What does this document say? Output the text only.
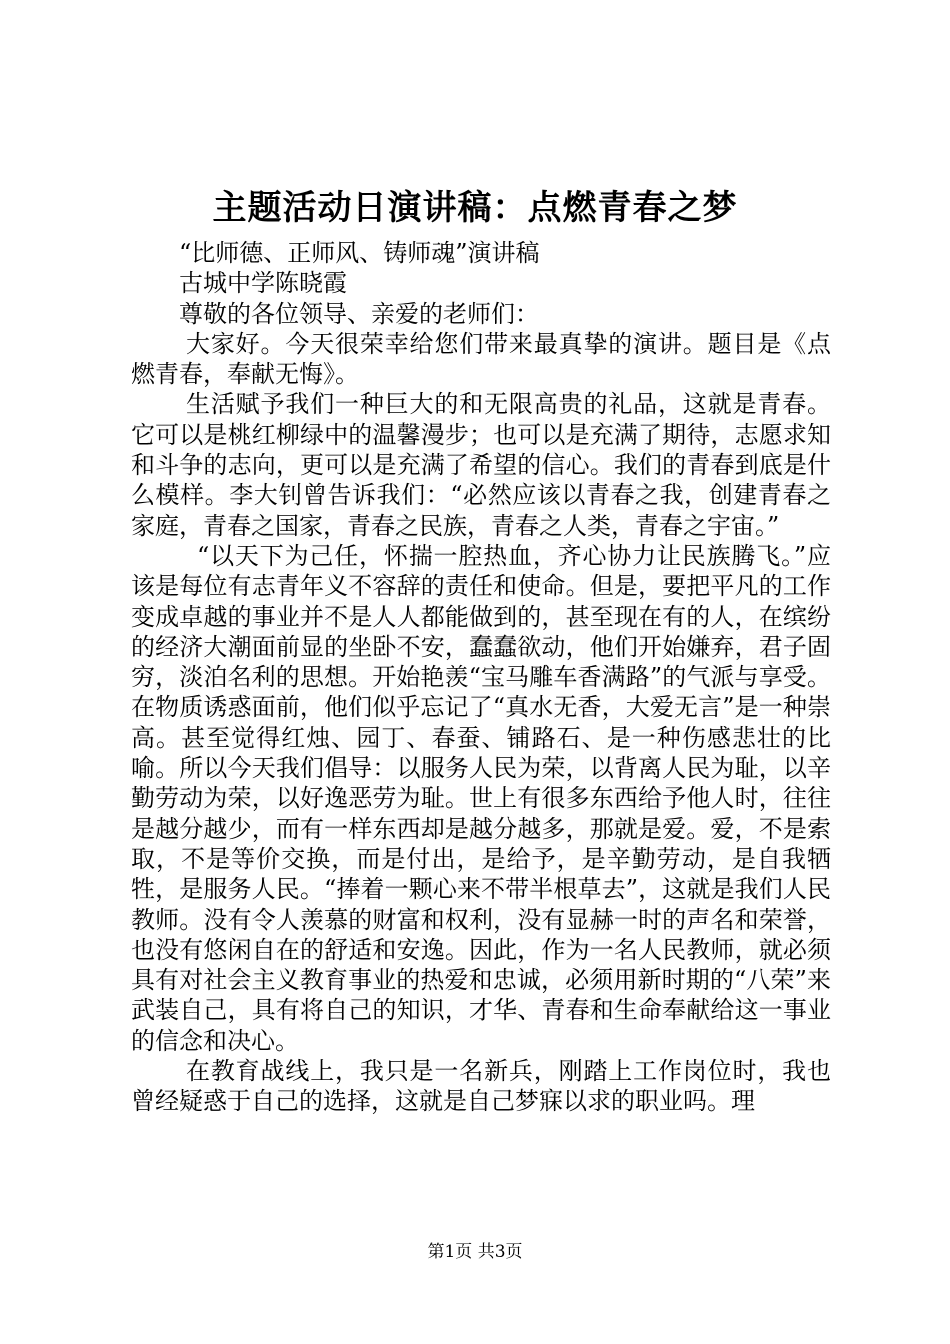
主题活动日演讲稿：点燃青春之梦

“比师德、正师风、铸师魂”演讲稿

古城中学陈晓霞

尊敬的各位领导、亲爱的老师们：

大家好。今天很荣幸给您们带来最真挚的演讲。题目是《点燃青春，奉献无悔》。

生活赋予我们一种巨大的和无限高贵的礼品，这就是青春。它可以是桃红柳绿中的温馨漫步；也可以是充满了期待，志愿求知和斗争的志向，更可以是充满了希望的信心。我们的青春到底是什么模样。李大钊曾告诉我们：“必然应该以青春之我，创建青春之家庭，青春之国家，青春之民族，青春之人类，青春之宇宙。”

“以天下为己任，怀揣一腔热血，齐心协力让民族腾飞。”应该是每位有志青年义不容辞的责任和使命。但是，要把平凡的工作变成卓越的事业并不是人人都能做到的，甚至现在有的人，在缤纷的经济大潮面前显的坐卧不安，蠢蠢欲动，他们开始嫌弃，君子固穷，淡泊名利的思想。开始艳羡“宝马雕车香满路”的气派与享受。在物质诱惑面前，他们似乎忘记了“真水无香，大爱无言”是一种崇高。甚至觉得红烛、园丁、春蚕、铺路石、是一种伤感悲壮的比喻。所以今天我们倡导：以服务人民为荣，以背离人民为耻，以辛勤劳动为荣，以好逸恶劳为耻。世上有很多东西给予他人时，往往是越分越少，而有一样东西却是越分越多，那就是爱。爱，不是索取，不是等价交换，而是付出，是给予，是辛勤劳动，是自我牺牲，是服务人民。“捧着一颗心来不带半根草去”，这就是我们人民教师。没有令人羡慕的财富和权利，没有显赫一时的声名和荣誉，也没有悠闲自在的舒适和安逸。因此，作为一名人民教师，就必须具有对社会主义教育事业的热爱和忠诚，必须用新时期的“八荣”来武装自己，具有将自己的知识，才华、青春和生命奉献给这一事业的信念和决心。

在教育战线上，我只是一名新兵，刚踏上工作岗位时，我也曾经疑惑于自己的选择，这就是自己梦寐以求的职业吗。理

第1页 共3页
